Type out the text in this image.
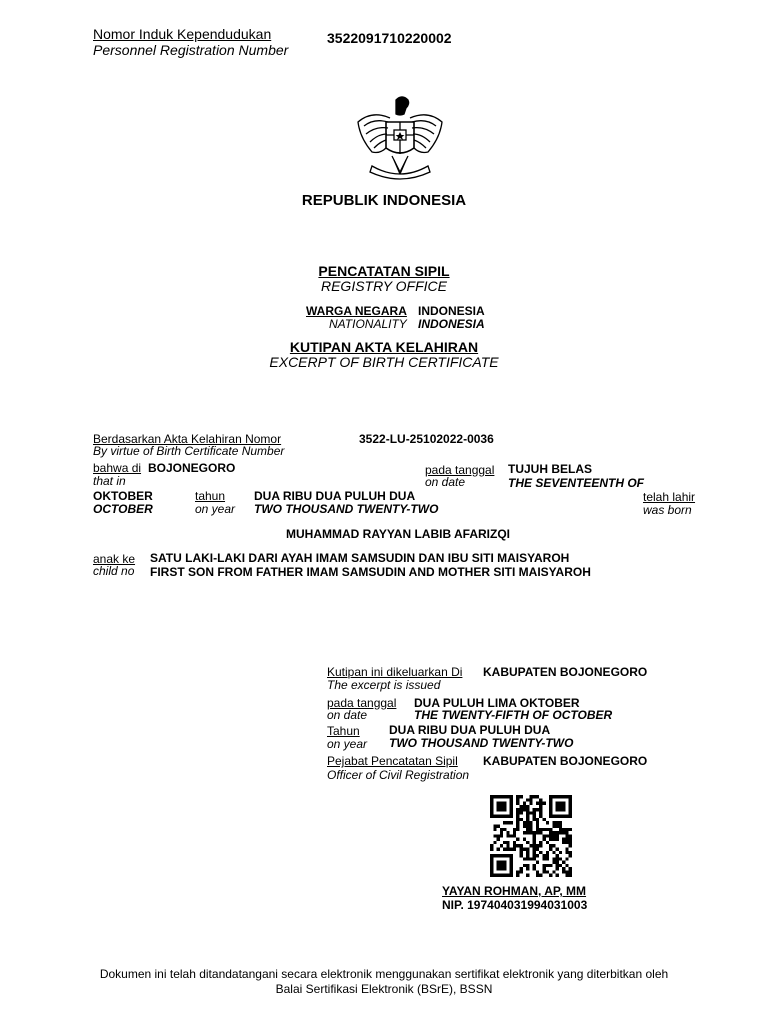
Nomor Induk Kependudukan
Personnel Registration Number
3522091710220002
REPUBLIK INDONESIA
PENCATATAN SIPIL
REGISTRY OFFICE
WARGA NEGARA INDONESIA
NATIONALITY INDONESIA
KUTIPAN AKTA KELAHIRAN
EXCERPT OF BIRTH CERTIFICATE
Berdasarkan Akta Kelahiran Nomor
By virtue of Birth Certificate Number
3522-LU-25102022-0036
bahwa di BOJONEGORO
that in
pada tanggal
on date
TUJUH BELAS
THE SEVENTEENTH OF
OKTOBER
OCTOBER
tahun
on year
DUA RIBU DUA PULUH DUA
TWO THOUSAND TWENTY-TWO
telah lahir
was born
MUHAMMAD RAYYAN LABIB AFARIZQI
anak ke
child no
SATU LAKI-LAKI DARI AYAH IMAM SAMSUDIN DAN IBU SITI MAISYAROH
FIRST SON FROM FATHER IMAM SAMSUDIN AND MOTHER SITI MAISYAROH
Kutipan ini dikeluarkan Di
The excerpt is issued
KABUPATEN BOJONEGORO
pada tanggal
on date
DUA PULUH LIMA OKTOBER
THE TWENTY-FIFTH OF OCTOBER
Tahun
on year
DUA RIBU DUA PULUH DUA
TWO THOUSAND TWENTY-TWO
Pejabat Pencatatan Sipil
Officer of Civil Registration
KABUPATEN BOJONEGORO
YAYAN ROHMAN, AP, MM
NIP. 197404031994031003
Dokumen ini telah ditandatangani secara elektronik menggunakan sertifikat elektronik yang diterbitkan oleh
Balai Sertifikasi Elektronik (BSrE), BSSN
